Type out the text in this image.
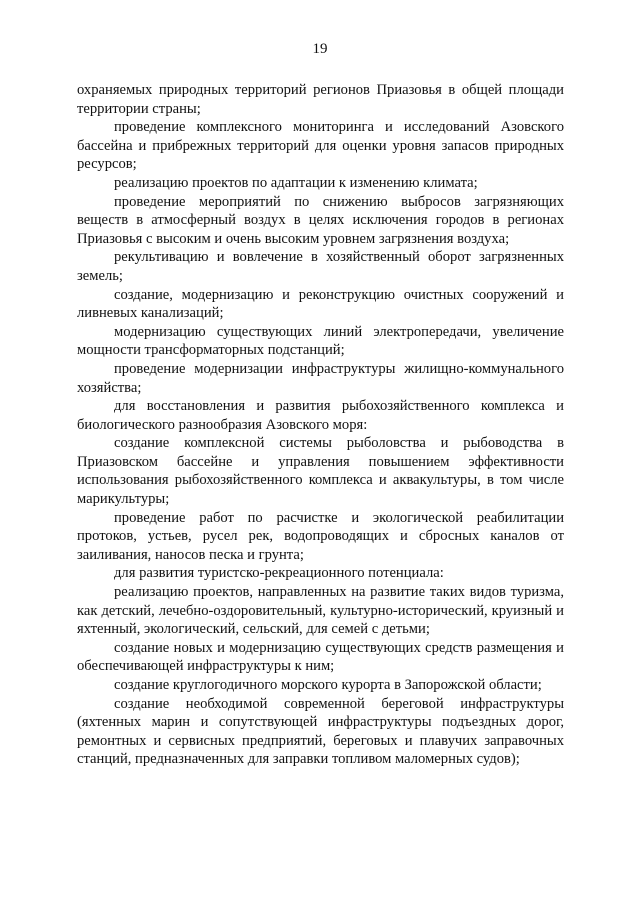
19

охраняемых природных территорий регионов Приазовья в общей площади территории страны;

проведение комплексного мониторинга и исследований Азовского бассейна и прибрежных территорий для оценки уровня запасов природных ресурсов;

реализацию проектов по адаптации к изменению климата;

проведение мероприятий по снижению выбросов загрязняющих веществ в атмосферный воздух в целях исключения городов в регионах Приазовья с высоким и очень высоким уровнем загрязнения воздуха;

рекультивацию и вовлечение в хозяйственный оборот загрязненных земель;

создание, модернизацию и реконструкцию очистных сооружений и ливневых канализаций;

модернизацию существующих линий электропередачи, увеличение мощности трансформаторных подстанций;

проведение модернизации инфраструктуры жилищно-коммунального хозяйства;

для восстановления и развития рыбохозяйственного комплекса и биологического разнообразия Азовского моря:

создание комплексной системы рыболовства и рыбоводства в Приазовском бассейне и управления повышением эффективности использования рыбохозяйственного комплекса и аквакультуры, в том числе марикультуры;

проведение работ по расчистке и экологической реабилитации протоков, устьев, русел рек, водопроводящих и сбросных каналов от заиливания, наносов песка и грунта;

для развития туристско-рекреационного потенциала:

реализацию проектов, направленных на развитие таких видов туризма, как детский, лечебно-оздоровительный, культурно-исторический, круизный и яхтенный, экологический, сельский, для семей с детьми;

создание новых и модернизацию существующих средств размещения и обеспечивающей инфраструктуры к ним;

создание круглогодичного морского курорта в Запорожской области;

создание необходимой современной береговой инфраструктуры (яхтенных марин и сопутствующей инфраструктуры подъездных дорог, ремонтных и сервисных предприятий, береговых и плавучих заправочных станций, предназначенных для заправки топливом маломерных судов);
